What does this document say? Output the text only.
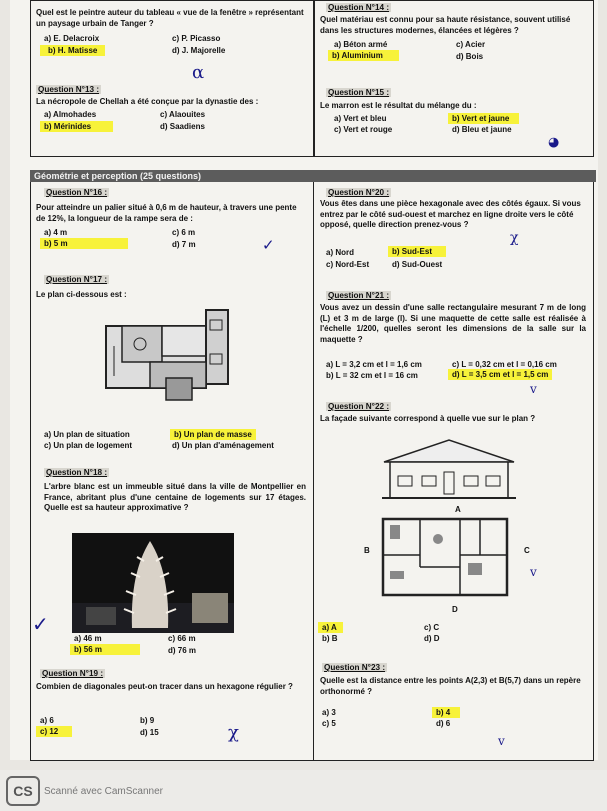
Quel est le peintre auteur du tableau « vue de la fenêtre » représentant un paysage urbain de Tanger ?
a) E. Delacroix	c) P. Picasso
b) H. Matisse	d) J. Majorelle
α
Question N°13 :
La nécropole de Chellah a été conçue par la dynastie des :
a) Almohades	c) Alaouites
b) Mérinides	d) Saadiens
Question N°14 :
Quel matériau est connu pour sa haute résistance, souvent utilisé dans les structures modernes, élancées et légères ?
a) Béton armé	c) Acier
b) Aluminium	d) Bois
Question N°15 :
Le marron est le résultat du mélange du :
a) Vert et bleu	b) Vert et jaune
c) Vert et rouge	d) Bleu et jaune
◕
Géométrie et perception (25 questions)
Question N°16 :
Pour atteindre un palier situé à 0,6 m de hauteur, à travers une pente de 12%, la longueur de la rampe sera de :
a) 4 m	c) 6 m
b) 5 m	d) 7 m	✓
Question N°17 :
Le plan ci-dessous est :
a) Un plan de situation	b) Un plan de masse
c) Un plan de logement	d) Un plan d'aménagement
Question N°18 :
L'arbre blanc est un immeuble situé dans la ville de Montpellier en France, abritant plus d'une centaine de logements sur 17 étages. Quelle est sa hauteur approximative ?
a) 46 m	c) 66 m
b) 56 m	d) 76 m
✓
Question N°19 :
Combien de diagonales peut-on tracer dans un hexagone régulier ?
a) 6	b) 9
c) 12	d) 15	χ
Question N°20 :
Vous êtes dans une pièce hexagonale avec des côtés égaux. Si vous entrez par le côté sud-ouest et marchez en ligne droite vers le côté opposé, quelle direction prenez-vous ?
a) Nord	b) Sud-Est
c) Nord-Est	d) Sud-Ouest
χ
Question N°21 :
Vous avez un dessin d'une salle rectangulaire mesurant 7 m de long (L) et 3 m de large (l). Si une maquette de cette salle est réalisée à l'échelle 1/200, quelles seront les dimensions de la salle sur la maquette ?
a) L = 3,2 cm et l = 1,6 cm	c) L = 0,32 cm et l = 0,16 cm
b) L = 32 cm et l = 16 cm	d) L = 3,5 cm et l = 1,5 cm
v
Question N°22 :
La façade suivante correspond à quelle vue sur le plan ?
A
B	C
D
v
a) A	c) C
b) B	d) D
Question N°23 :
Quelle est la distance entre les points A(2,3) et B(5,7) dans un repère orthonormé ?
a) 3	b) 4
c) 5	d) 6
v
CS	Scanné avec CamScanner
